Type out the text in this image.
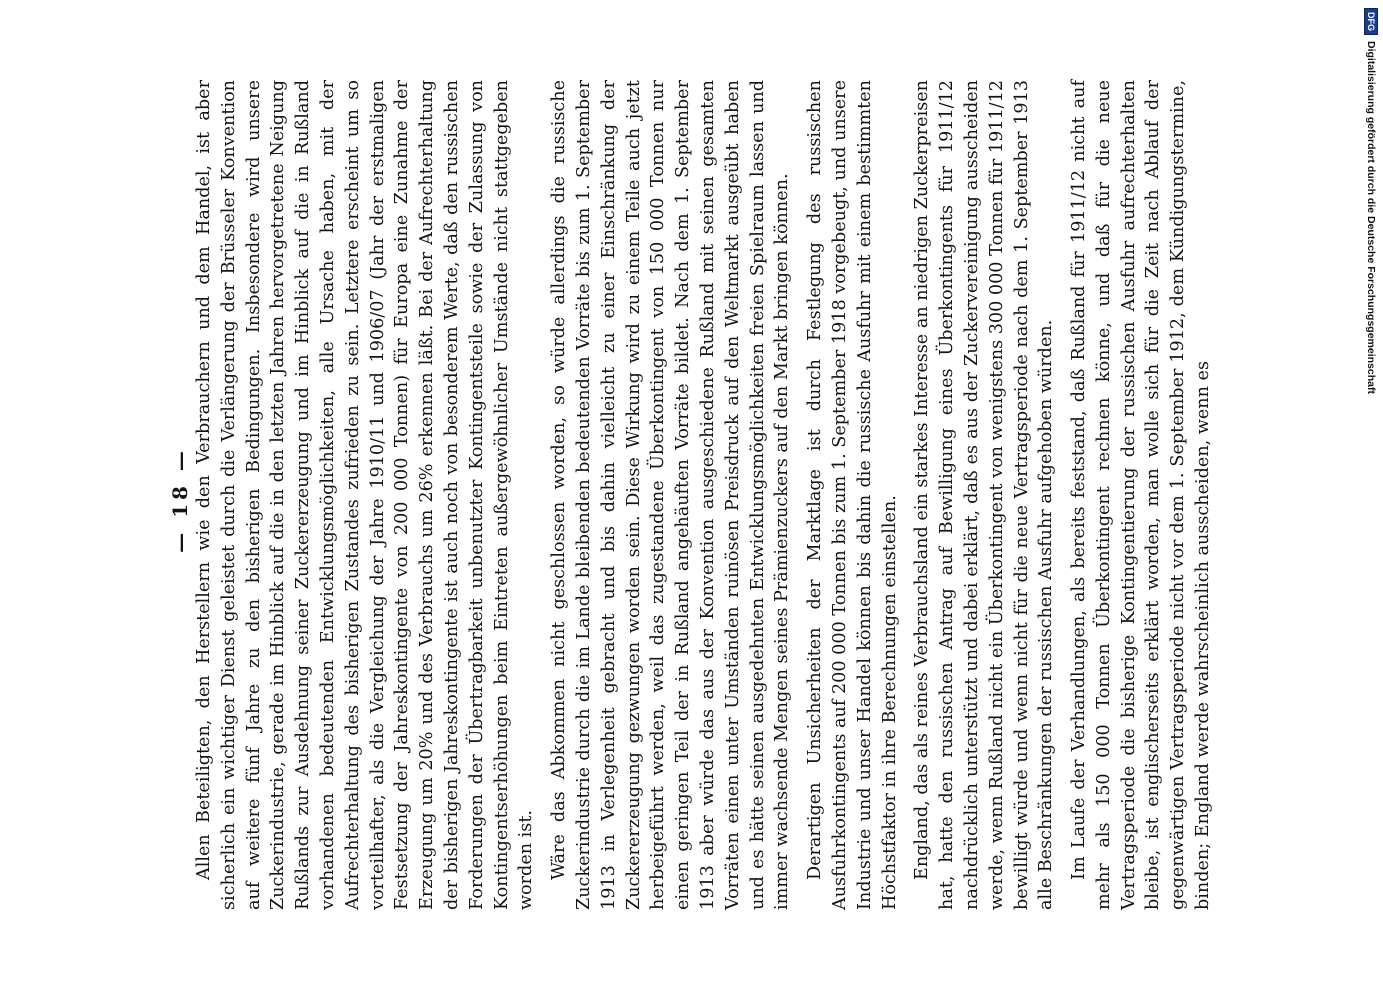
— 18 — Allen Beteiligten, den Herstellern wie den Verbrauchern und dem Handel, ist aber sicherlich ein wichtiger Dienst geleistet durch die Verlängerung der Brüsseler Konvention auf weitere fünf Jahre zu den bisherigen Bedingungen. Insbesondere wird unsere Zuckerindustrie, gerade im Hinblick auf die in den letzten Jahren hervorgetretene Neigung Rußlands zur Ausdehnung seiner Zuckererzeugung und im Hinblick auf die in Rußland vorhandenen bedeutenden Entwicklungsmöglichkeiten, alle Ursache haben, mit der Aufrechterhaltung des bisherigen Zustandes zufrieden zu sein. Letztere erscheint um so vorteilhafter, als die Vergleichung der Jahre 1910/11 und 1906/07 (Jahr der erstmaligen Festsetzung der Jahreskontingente von 200 000 Tonnen) für Europa eine Zunahme der Erzeugung um 20% und des Verbrauchs um 26% erkennen läßt. Bei der Aufrechterhaltung der bisherigen Jahreskontingente ist auch noch von besonderem Werte, daß den russischen Forderungen der Übertragbarkeit unbenutzter Kontingentsteile sowie der Zulassung von Kontingentserhöhungen beim Eintreten außergewöhnlicher Umstände nicht stattgegeben worden ist. Wäre das Abkommen nicht geschlossen worden, so würde allerdings die russische Zuckerindustrie durch die im Lande bleibenden bedeutenden Vorräte bis zum 1. September 1913 in Verlegenheit gebracht und bis dahin vielleicht zu einer Einschränkung der Zuckererzeugung gezwungen worden sein. Diese Wirkung wird zu einem Teile auch jetzt herbeigeführt werden, weil das zugestandene Überkontingent von 150 000 Tonnen nur einen geringen Teil der in Rußland angehäuften Vorräte bildet. Nach dem 1. September 1913 aber würde das aus der Konvention ausgeschiedene Rußland mit seinen gesamten Vorräten einen unter Umständen ruinösen Preisdruck auf den Weltmarkt ausgeübt haben und es hätte seinen ausgedehnten Entwicklungsmöglichkeiten freien Spielraum lassen und immer wachsende Mengen seines Prämienzuckers auf den Markt bringen können. Derartigen Unsicherheiten der Marktlage ist durch Festlegung des russischen Ausfuhrkontingents auf 200 000 Tonnen bis zum 1. September 1918 vorgebeugt, und unsere Industrie und unser Handel können bis dahin die russische Ausfuhr mit einem bestimmten Höchstfaktor in ihre Berechnungen einstellen. England, das als reines Verbrauchsland ein starkes Interesse an niedrigen Zuckerpreisen hat, hatte den russischen Antrag auf Bewilligung eines Überkontingents für 1911/12 nachdrücklich unterstützt und dabei erklärt, daß es aus der Zuckervereinigung ausscheiden werde, wenn Rußland nicht ein Überkontingent von wenigstens 300 000 Tonnen für 1911/12 bewilligt würde und wenn nicht für die neue Vertragsperiode nach dem 1. September 1913 alle Beschränkungen der russischen Ausfuhr aufgehoben würden. Im Laufe der Verhandlungen, als bereits feststand, daß Rußland für 1911/12 nicht auf mehr als 150 000 Tonnen Überkontingent rechnen könne, und daß für die neue Vertragsperiode die bisherige Kontingentierung der russischen Ausfuhr aufrechterhalten bleibe, ist englischerseits erklärt worden, man wolle sich für die Zeit nach Ablauf der gegenwärtigen Vertragsperiode nicht vor dem 1. September 1912, dem Kündigungstermine, binden; England werde wahrscheinlich ausscheiden, wenn es

DFG
Digitalisierung gefördert durch die Deutsche Forschungsgemeinschaft
